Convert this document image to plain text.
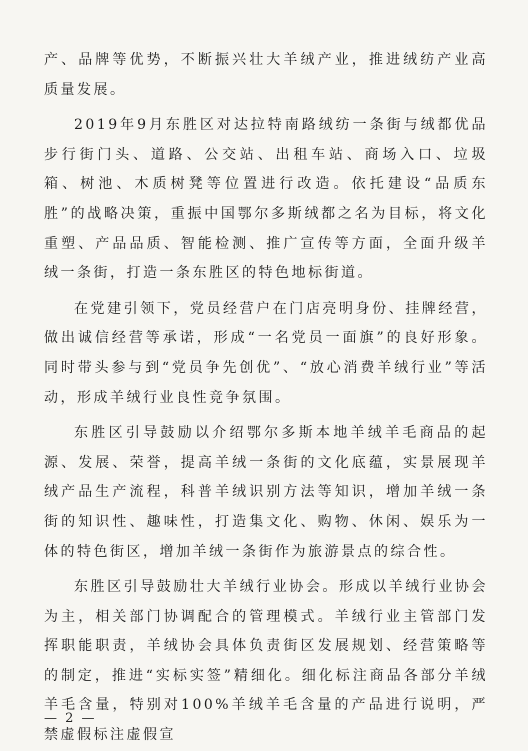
产、品牌等优势，不断振兴壮大羊绒产业，推进绒纺产业高质量发展。

2019年9月东胜区对达拉特南路绒纺一条街与绒都优品步行街门头、道路、公交站、出租车站、商场入口、垃圾箱、树池、木质树凳等位置进行改造。依托建设“品质东胜”的战略决策，重振中国鄂尔多斯绒都之名为目标，将文化重塑、产品品质、智能检测、推广宣传等方面，全面升级羊绒一条街，打造一条东胜区的特色地标街道。

在党建引领下，党员经营户在门店亮明身份、挂牌经营，做出诚信经营等承诺，形成“一名党员一面旗”的良好形象。同时带头参与到“党员争先创优”、“放心消费羊绒行业”等活动，形成羊绒行业良性竞争氛围。

东胜区引导鼓励以介绍鄂尔多斯本地羊绒羊毛商品的起源、发展、荣誉，提高羊绒一条街的文化底蕴，实景展现羊绒产品生产流程，科普羊绒识别方法等知识，增加羊绒一条街的知识性、趣味性，打造集文化、购物、休闲、娱乐为一体的特色街区，增加羊绒一条街作为旅游景点的综合性。

东胜区引导鼓励壮大羊绒行业协会。形成以羊绒行业协会为主，相关部门协调配合的管理模式。羊绒行业主管部门发挥职能职责，羊绒协会具体负责街区发展规划、经营策略等的制定，推进“实标实签”精细化。细化标注商品各部分羊绒羊毛含量，特别对100%羊绒羊毛含量的产品进行说明，严禁虚假标注虚假宣

— 2 —
